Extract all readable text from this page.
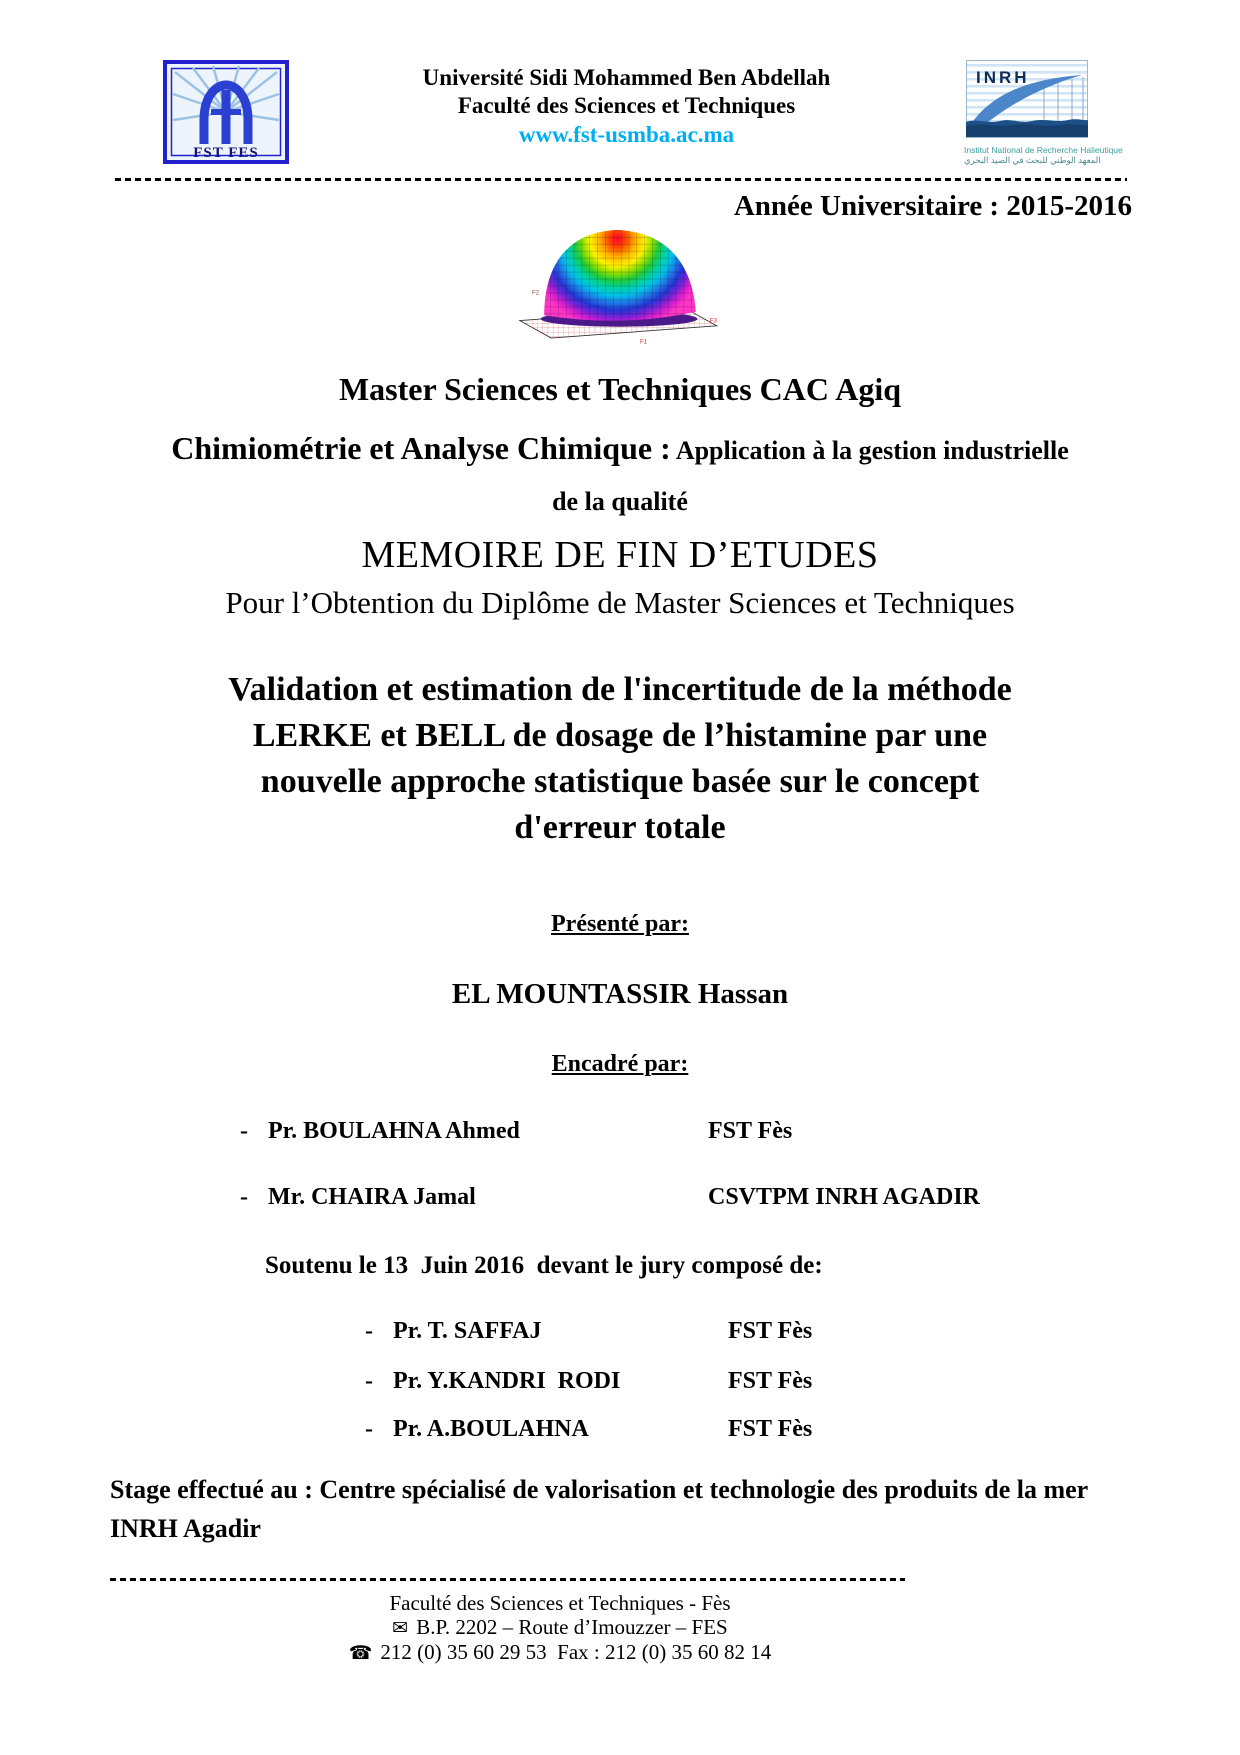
FST FES
Université Sidi Mohammed Ben Abdellah
Faculté des Sciences et Techniques
www.fst-usmba.ac.ma
INRH
Institut National de Recherche Halieutique
المعهد الوطني للبحث في الصيد البحري
Année Universitaire : 2015-2016
F2
F3
F1
Master Sciences et Techniques CAC Agiq
Chimiométrie et Analyse Chimique : Application à la gestion industrielle
de la qualité
MEMOIRE DE FIN D’ETUDES
Pour l’Obtention du Diplôme de Master Sciences et Techniques
Validation et estimation de l'incertitude de la méthode
LERKE et BELL de dosage de l’histamine par une
nouvelle approche statistique basée sur le concept
d'erreur totale
Présenté par:
EL MOUNTASSIR Hassan
Encadré par:
- Pr. BOULAHNA Ahmed	FST Fès
- Mr. CHAIRA Jamal	CSVTPM INRH AGADIR
Soutenu le 13  Juin 2016  devant le jury composé de:
- Pr. T. SAFFAJ	FST Fès
- Pr. Y.KANDRI  RODI	FST Fès
- Pr. A.BOULAHNA	FST Fès
Stage effectué au : Centre spécialisé de valorisation et technologie des produits de la mer INRH Agadir
Faculté des Sciences et Techniques - Fès
✉ B.P. 2202 – Route d’Imouzzer – FES
☎ 212 (0) 35 60 29 53  Fax : 212 (0) 35 60 82 14
